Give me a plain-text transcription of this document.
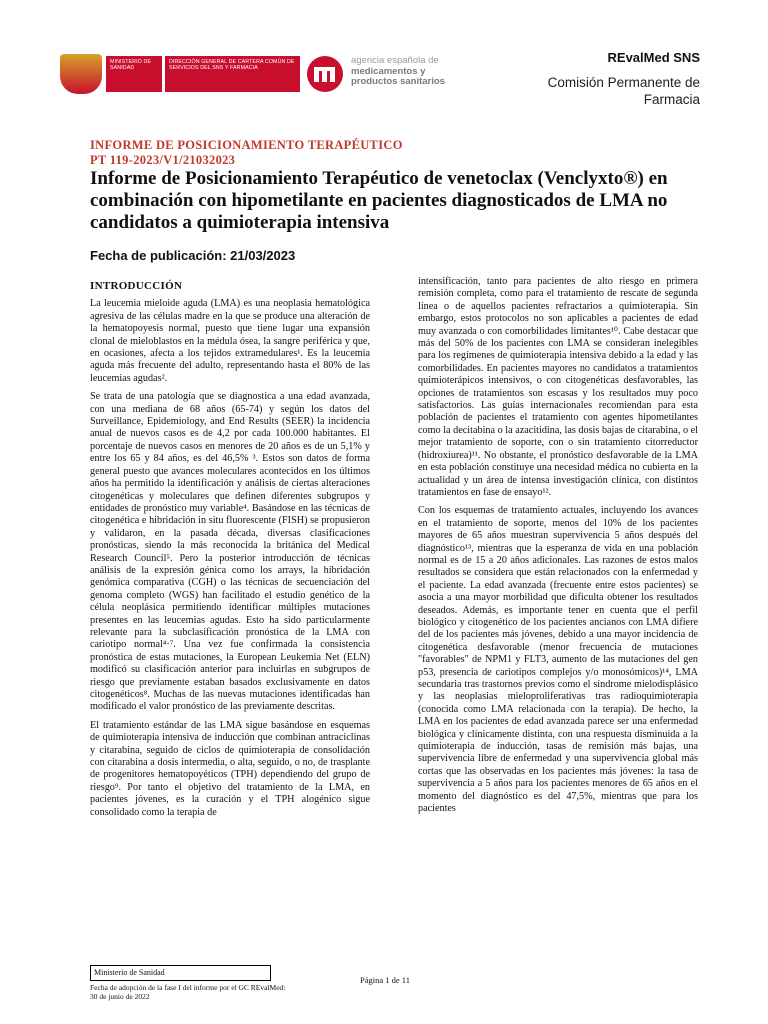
MINISTERIO DE SANIDAD
DIRECCIÓN GENERAL DE CARTERA COMÚN DE SERVICIOS DEL SNS Y FARMACIA
agencia española de
medicamentos y
productos sanitarios
REvalMed SNS
Comisión Permanente de
Farmacia
INFORME DE POSICIONAMIENTO TERAPÉUTICO
PT 119-2023/V1/21032023
Informe de Posicionamiento Terapéutico de venetoclax (Venclyxto®) en combinación con hipometilante en pacientes diagnosticados de LMA no candidatos a quimioterapia intensiva
Fecha de publicación: 21/03/2023
INTRODUCCIÓN

La leucemia mieloide aguda (LMA) es una neoplasia hematológica agresiva de las células madre en la que se produce una alteración de la hematopoyesis normal, puesto que tiene lugar una expansión clonal de mieloblastos en la médula ósea, la sangre periférica y que, en ocasiones, afecta a los tejidos extramedulares¹. Es la leucemia aguda más frecuente del adulto, representando hasta el 80% de las leucemias agudas².

Se trata de una patología que se diagnostica a una edad avanzada, con una mediana de 68 años (65-74) y según los datos del Surveillance, Epidemiology, and End Results (SEER) la incidencia anual de nuevos casos es de 4,2 por cada 100.000 habitantes. El porcentaje de nuevos casos en menores de 20 años es de un 5,1% y entre los 65 y 84 años, es del 46,5% ³. Estos son datos de forma general puesto que avances moleculares acontecidos en los últimos años ha permitido la identificación y análisis de ciertas alteraciones citogenéticas y moleculares que definen diferentes subgrupos y entidades de pronóstico muy variable⁴. Basándose en las técnicas de citogenética e hibridación in situ fluorescente (FISH) se propusieron y validaron, en la pasada década, diversas clasificaciones pronósticas, siendo la más reconocida la británica del Medical Research Council⁵. Pero la posterior introducción de técnicas análisis de la expresión génica como los arrays, la hibridación genómica comparativa (CGH) o las técnicas de secuenciación del genoma completo (WGS) han facilitado el estudio genético de la célula neoplásica permitiendo identificar múltiples mutaciones presentes en las leucemias agudas. Esto ha sido particularmente relevante para la subclasificación pronóstica de la LMA con cariotipo normal⁴·⁷. Una vez fue confirmada la consistencia pronóstica de estas mutaciones, la European Leukemia Net (ELN) modificó su clasificación anterior para incluirlas en subgrupos de riesgo que previamente estaban basados exclusivamente en datos citogenéticos⁸. Muchas de las nuevas mutaciones identificadas han modificado el valor pronóstico de las previamente descritas.

El tratamiento estándar de las LMA sigue basándose en esquemas de quimioterapia intensiva de inducción que combinan antraciclinas y citarabina, seguido de ciclos de quimioterapia de consolidación con citarabina a dosis intermedia, o alta, seguido, o no, de trasplante de progenitores hematopoyéticos (TPH) dependiendo del grupo de riesgo⁹. Por tanto el objetivo del tratamiento de la LMA, en pacientes jóvenes, es la curación y el TPH alogénico sigue consolidado como la terapia de

intensificación, tanto para pacientes de alto riesgo en primera remisión completa, como para el tratamiento de rescate de segunda línea o de aquellos pacientes refractarios a quimioterapia. Sin embargo, estos protocolos no son aplicables a pacientes de edad muy avanzada o con comorbilidades limitantes¹⁰. Cabe destacar que más del 50% de los pacientes con LMA se consideran inelegibles para los regímenes de quimioterapia intensiva debido a la edad y las comorbilidades. En pacientes mayores no candidatos a tratamientos quimioterápicos intensivos, o con citogenéticas desfavorables, las opciones de tratamientos son escasas y los resultados muy poco satisfactorios. Las guías internacionales recomiendan para esta población de pacientes el tratamiento con agentes hipometilantes como la decitabina o la azacitidina, las dosis bajas de citarabina, o el mejor tratamiento de soporte, con o sin tratamiento citorreductor (hidroxiurea)¹¹. No obstante, el pronóstico desfavorable de la LMA en esta población constituye una necesidad médica no cubierta en la actualidad y un área de intensa investigación clínica, con distintos tratamientos en fase de ensayo¹².

Con los esquemas de tratamiento actuales, incluyendo los avances en el tratamiento de soporte, menos del 10% de los pacientes mayores de 65 años muestran supervivencia 5 años después del diagnóstico¹³, mientras que la esperanza de vida en una población normal es de 15 a 20 años adicionales. Las razones de estos malos resultados se considera que están relacionados con la enfermedad y el paciente. La edad avanzada (frecuente entre estos pacientes) se asocia a una mayor morbilidad que dificulta obtener los resultados deseados. Además, es importante tener en cuenta que el perfil biológico y citogenético de los pacientes ancianos con LMA difiere del de los pacientes más jóvenes, debido a una mayor incidencia de citogenética desfavorable (menor frecuencia de mutaciones "favorables" de NPM1 y FLT3, aumento de las mutaciones del gen p53, presencia de cariotipos complejos y/o monosómicos)¹⁴, LMA secundaria tras trastornos previos como el síndrome mielodisplásico y las neoplasias mieloproliferativas tras radioquimioterapia (conocida como LMA relacionada con la terapia). De hecho, la LMA en los pacientes de edad avanzada parece ser una enfermedad biológica y clínicamente distinta, con una respuesta disminuida a la quimioterapia de inducción, tasas de remisión más bajas, una supervivencia libre de enfermedad y una supervivencia global más cortas que las observadas en los pacientes más jóvenes: la tasa de supervivencia a 5 años para los pacientes menores de 65 años en el momento del diagnóstico es del 47,5%, mientras que para los pacientes

Ministerio de Sanidad
Fecha de adopción de la fase I del informe por el GC REvalMed: 30 de junio de 2022
Página 1 de 11
